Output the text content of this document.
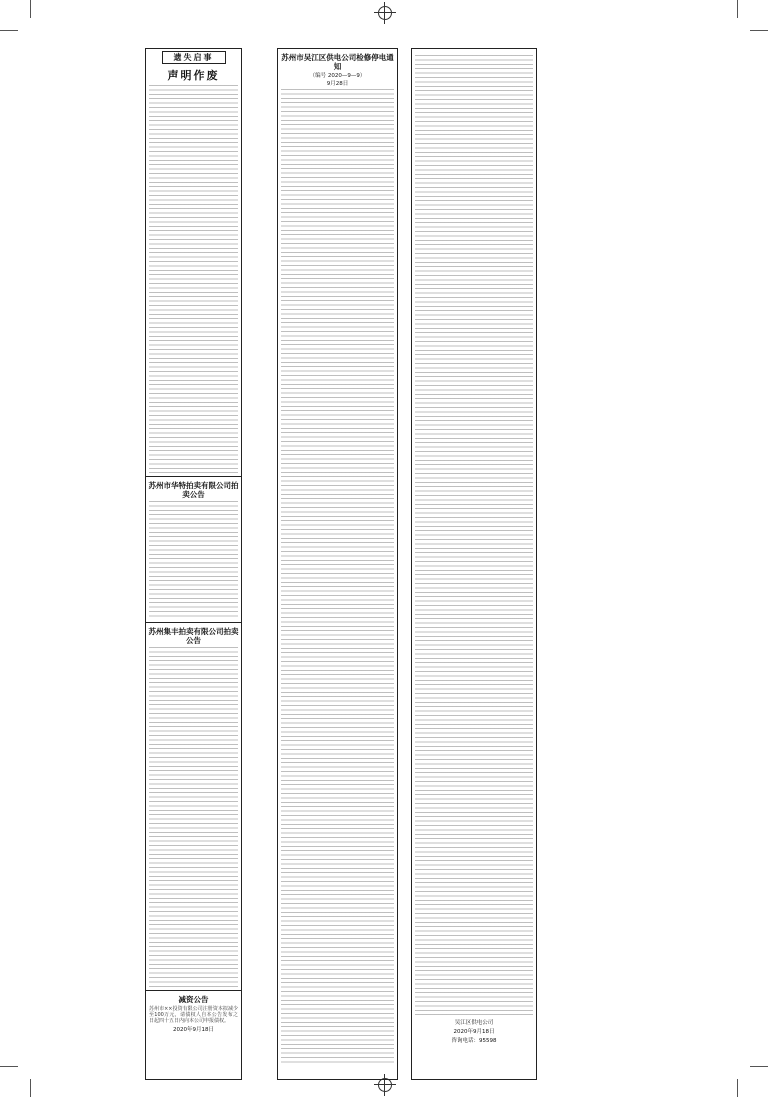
遗失启事
声明作废
苏州市华特拍卖有限公司拍卖公告
苏州集丰拍卖有限公司拍卖公告
减资公告
苏州市××投资有限公司注册资本拟减少至100万元，请债权人自本公告发布之日起四十五日内向本公司申报债权。
2020年9月18日
苏州市吴江区供电公司检修停电通知
（编号 2020—9—9）
9月28日
吴江区供电公司
2020年9月18日
咨询电话：95598
